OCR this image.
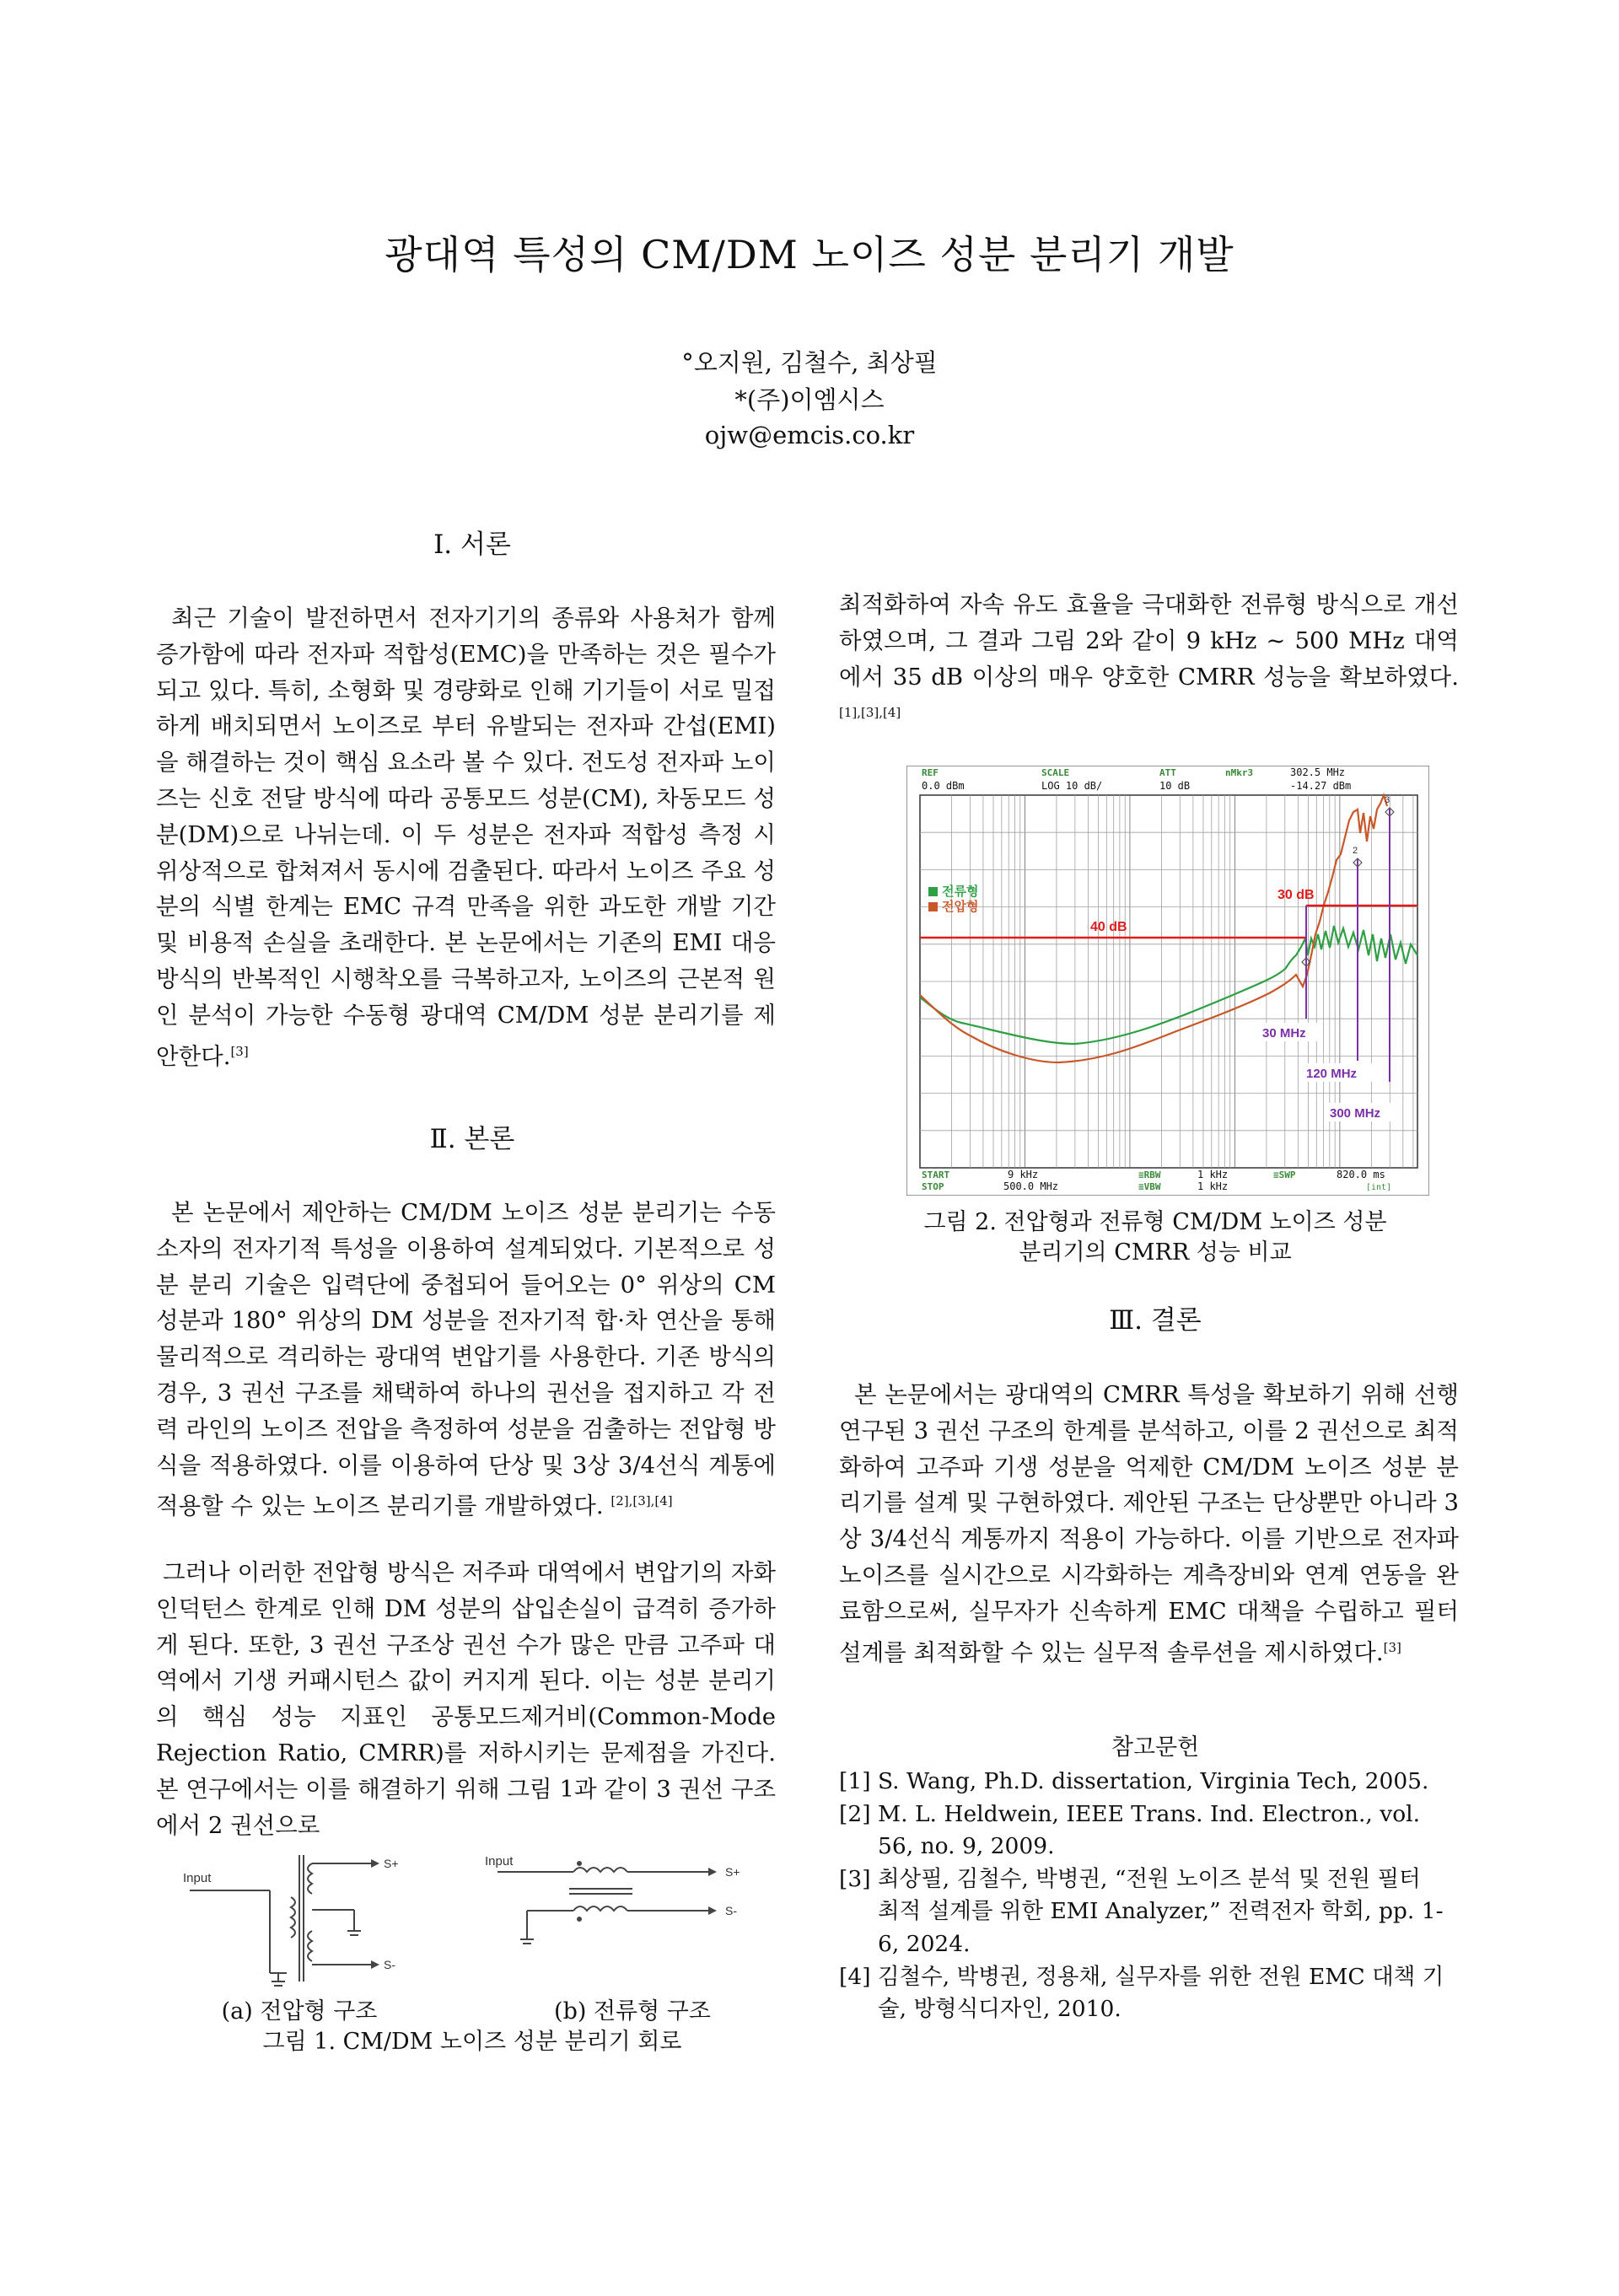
광대역 특성의 CM/DM 노이즈 성분 분리기 개발
°오지원, 김철수, 최상필
*(주)이엠시스
ojw@emcis.co.kr
Ⅰ. 서론
최근 기술이 발전하면서 전자기기의 종류와 사용처가 함께 증가함에 따라 전자파 적합성(EMC)을 만족하는 것은 필수가 되고 있다. 특히, 소형화 및 경량화로 인해 기기들이 서로 밀접하게 배치되면서 노이즈로 부터 유발되는 전자파 간섭(EMI)을 해결하는 것이 핵심 요소라 볼 수 있다. 전도성 전자파 노이즈는 신호 전달 방식에 따라 공통모드 성분(CM), 차동모드 성분(DM)으로 나뉘는데. 이 두 성분은 전자파 적합성 측정 시 위상적으로 합쳐져서 동시에 검출된다. 따라서 노이즈 주요 성분의 식별 한계는 EMC 규격 만족을 위한 과도한 개발 기간 및 비용적 손실을 초래한다. 본 논문에서는 기존의 EMI 대응 방식의 반복적인 시행착오를 극복하고자, 노이즈의 근본적 원인 분석이 가능한 수동형 광대역 CM/DM 성분 분리기를 제안한다.[3]
Ⅱ. 본론
본 논문에서 제안하는 CM/DM 노이즈 성분 분리기는 수동 소자의 전자기적 특성을 이용하여 설계되었다. 기본적으로 성분 분리 기술은 입력단에 중첩되어 들어오는 0° 위상의 CM 성분과 180° 위상의 DM 성분을 전자기적 합·차 연산을 통해 물리적으로 격리하는 광대역 변압기를 사용한다. 기존 방식의 경우, 3 권선 구조를 채택하여 하나의 권선을 접지하고 각 전력 라인의 노이즈 전압을 측정하여 성분을 검출하는 전압형 방식을 적용하였다. 이를 이용하여 단상 및 3상 3/4선식 계통에 적용할 수 있는 노이즈 분리기를 개발하였다. [2],[3],[4]
그러나 이러한 전압형 방식은 저주파 대역에서 변압기의 자화 인덕턴스 한계로 인해 DM 성분의 삽입손실이 급격히 증가하게 된다. 또한, 3 권선 구조상 권선 수가 많은 만큼 고주파 대역에서 기생 커패시턴스 값이 커지게 된다. 이는 성분 분리기의 핵심 성능 지표인 공통모드제거비(Common-Mode Rejection Ratio, CMRR)를 저하시키는 문제점을 가진다. 본 연구에서는 이를 해결하기 위해 그림 1과 같이 3 권선 구조에서 2 권선으로
Input
S+
S-
Input
S+
S-
(a) 전압형 구조	(b) 전류형 구조
그림 1. CM/DM 노이즈 성분 분리기 회로
최적화하여 자속 유도 효율을 극대화한 전류형 방식으로 개선하였으며, 그 결과 그림 2와 같이 9 kHz ~ 500 MHz 대역에서 35 dB 이상의 매우 양호한 CMRR 성능을 확보하였다.[1],[3],[4]
REF	SCALE	ATT	nMkr3
START
STOP
≡RBW
≡VBW
≡SWP
0.0 dBm	LOG 10 dB/	10 dB
302.5 MHz
-14.27 dBm
9 kHz
500.0 MHz
1 kHz
1 kHz
820.0 ms
[int]
2
3
전류형
전압형
40 dB
30 dB
30 MHz
120 MHz
300 MHz
그림 2. 전압형과 전류형 CM/DM 노이즈 성분
분리기의 CMRR 성능 비교
Ⅲ. 결론
본 논문에서는 광대역의 CMRR 특성을 확보하기 위해 선행 연구된 3 권선 구조의 한계를 분석하고, 이를 2 권선으로 최적화하여 고주파 기생 성분을 억제한 CM/DM 노이즈 성분 분리기를 설계 및 구현하였다. 제안된 구조는 단상뿐만 아니라 3상 3/4선식 계통까지 적용이 가능하다. 이를 기반으로 전자파 노이즈를 실시간으로 시각화하는 계측장비와 연계 연동을 완료함으로써, 실무자가 신속하게 EMC 대책을 수립하고 필터 설계를 최적화할 수 있는 실무적 솔루션을 제시하였다.[3]
참고문헌
[1] S. Wang, Ph.D. dissertation, Virginia Tech, 2005.
[2] M. L. Heldwein, IEEE Trans. Ind. Electron., vol. 56, no. 9, 2009.
[3] 최상필, 김철수, 박병권, “전원 노이즈 분석 및 전원 필터 최적 설계를 위한 EMI Analyzer,” 전력전자 학회, pp. 1-6, 2024.
[4] 김철수, 박병권, 정용채, 실무자를 위한 전원 EMC 대책 기술, 방형식디자인, 2010.
